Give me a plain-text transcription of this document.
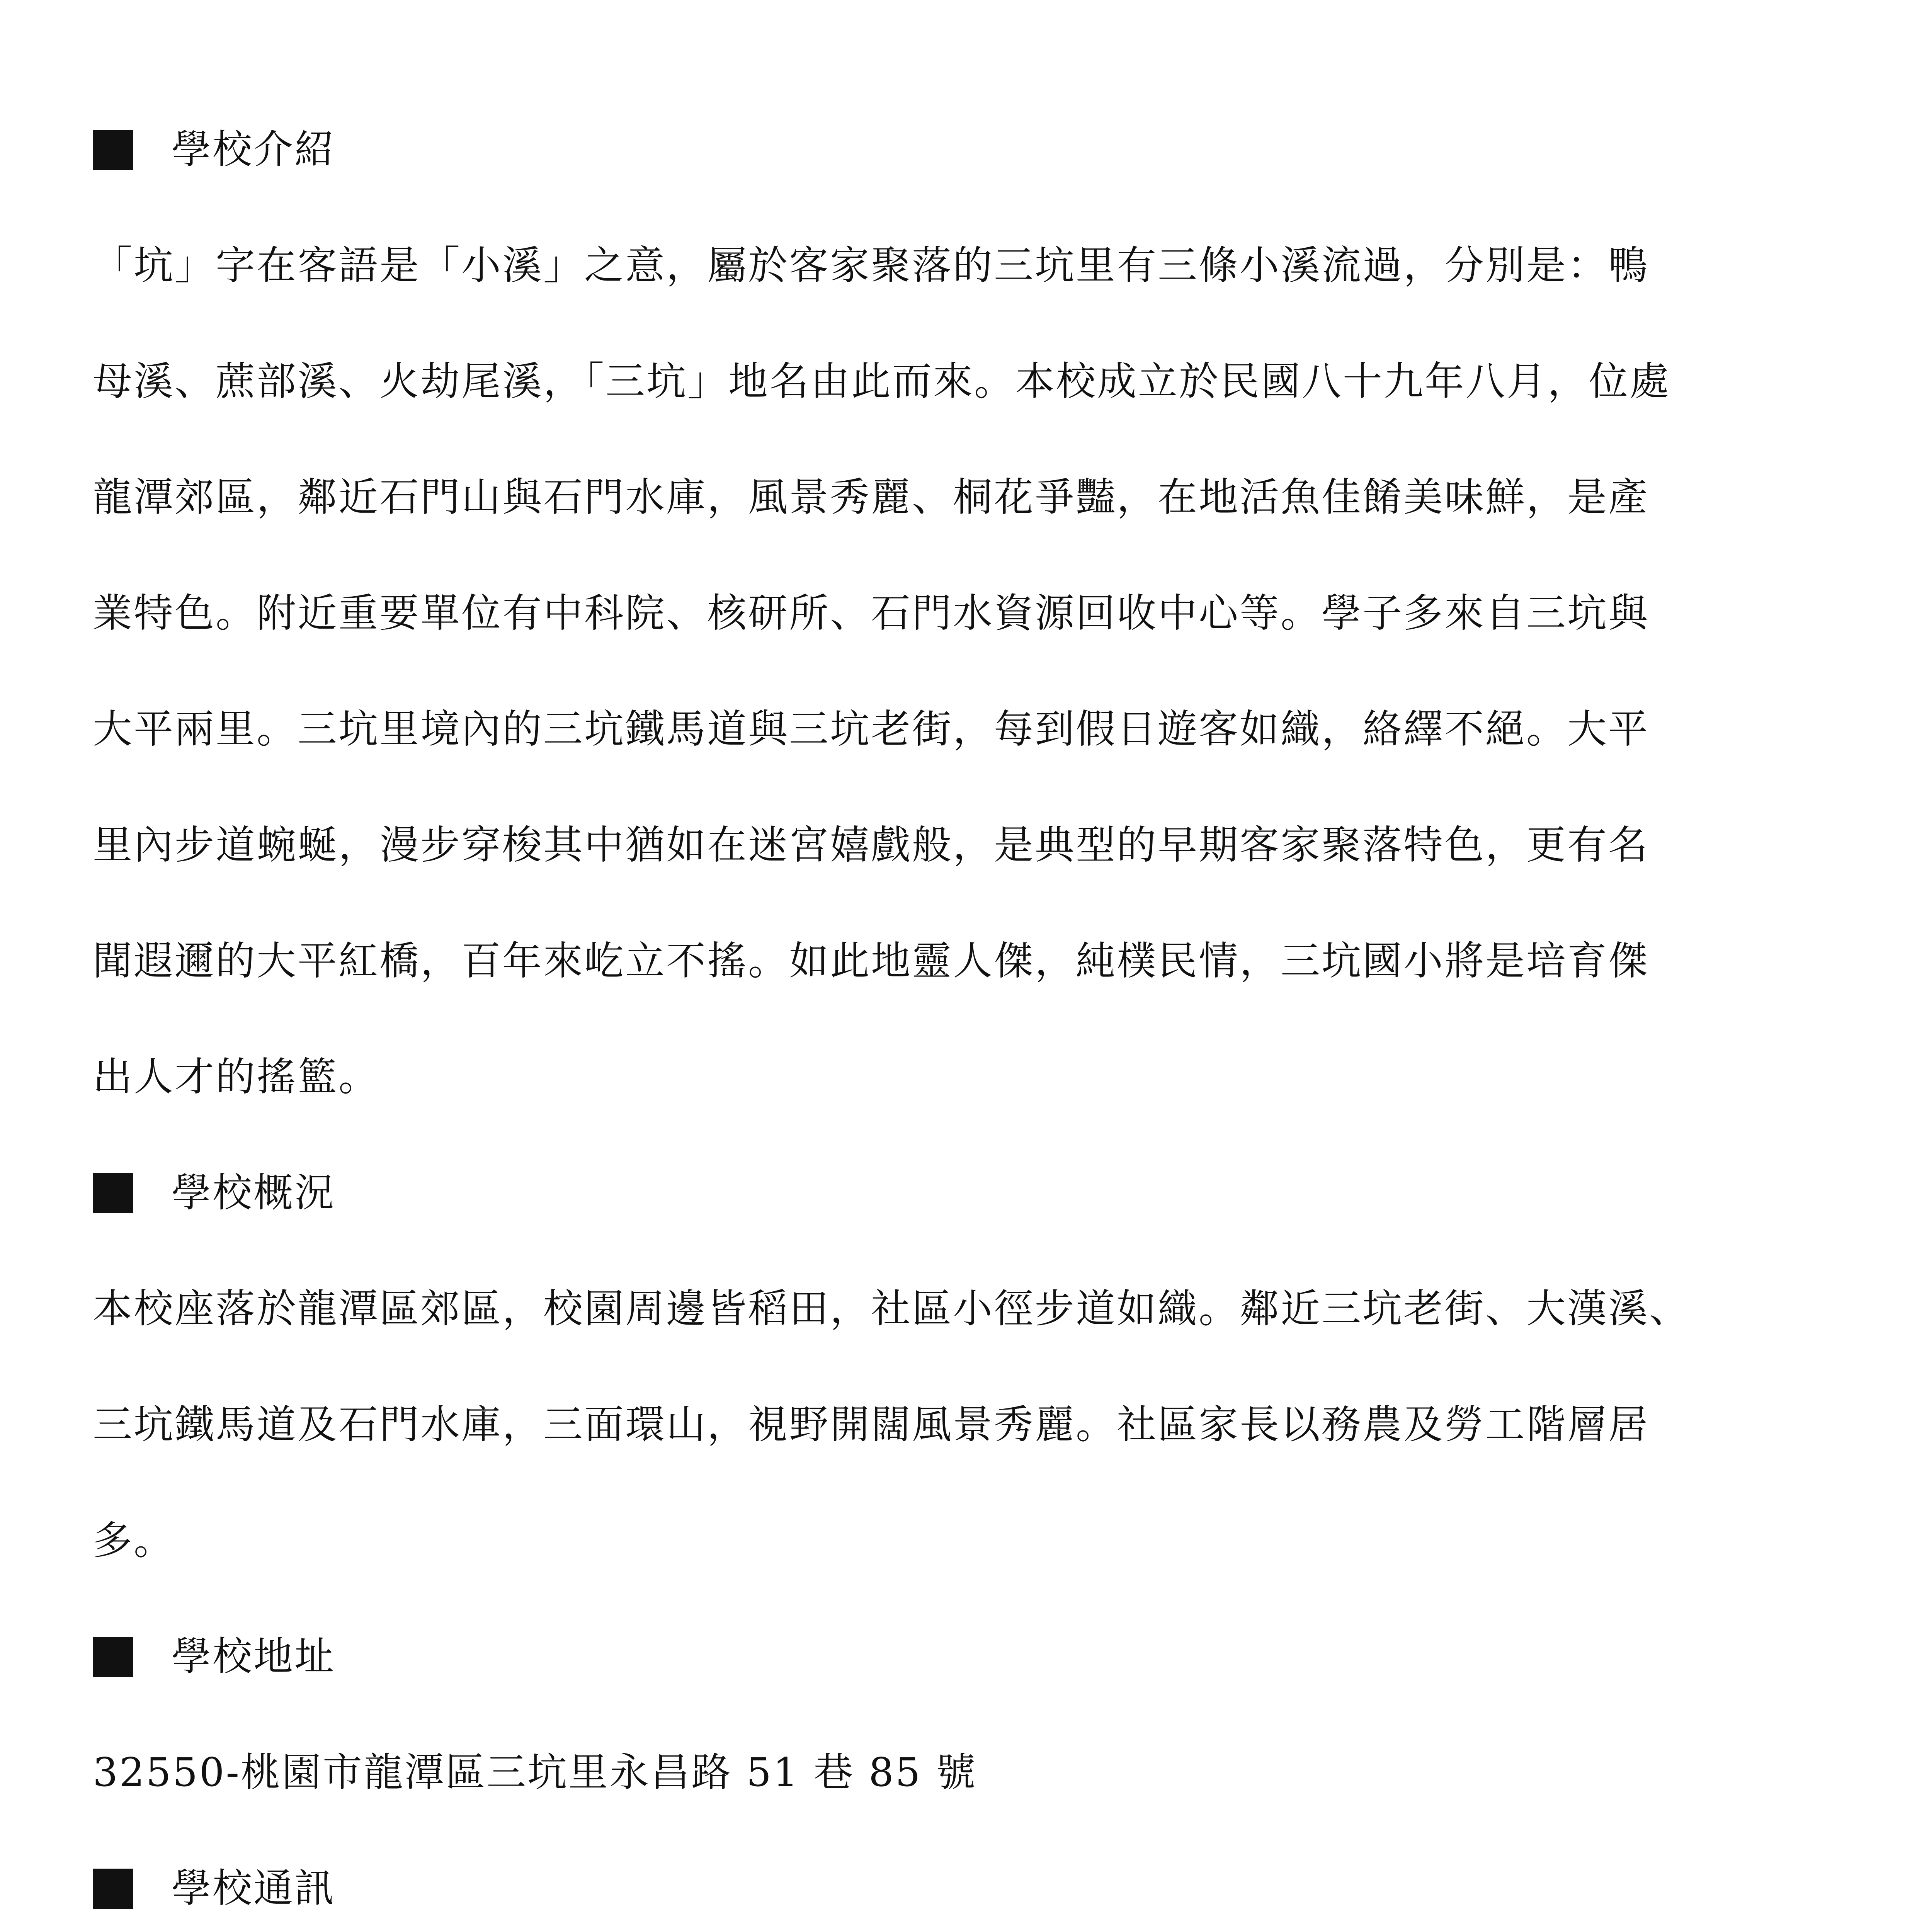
學校介紹
「坑」字在客語是「小溪」之意，屬於客家聚落的三坑里有三條小溪流過，分別是：鴨
母溪、蔗部溪、火劫尾溪，「三坑」地名由此而來。本校成立於民國八十九年八月，位處
龍潭郊區，鄰近石門山與石門水庫，風景秀麗、桐花爭豔，在地活魚佳餚美味鮮，是產
業特色。附近重要單位有中科院、核研所、石門水資源回收中心等。學子多來自三坑與
大平兩里。三坑里境內的三坑鐵馬道與三坑老街，每到假日遊客如織，絡繹不絕。大平
里內步道蜿蜒，漫步穿梭其中猶如在迷宮嬉戲般，是典型的早期客家聚落特色，更有名
聞遐邇的大平紅橋，百年來屹立不搖。如此地靈人傑，純樸民情，三坑國小將是培育傑
出人才的搖籃。
學校概況
本校座落於龍潭區郊區，校園周邊皆稻田，社區小徑步道如織。鄰近三坑老街、大漢溪、
三坑鐵馬道及石門水庫，三面環山，視野開闊風景秀麗。社區家長以務農及勞工階層居
多。
學校地址
32550-桃園市龍潭區三坑里永昌路 51 巷 85 號
學校通訊
